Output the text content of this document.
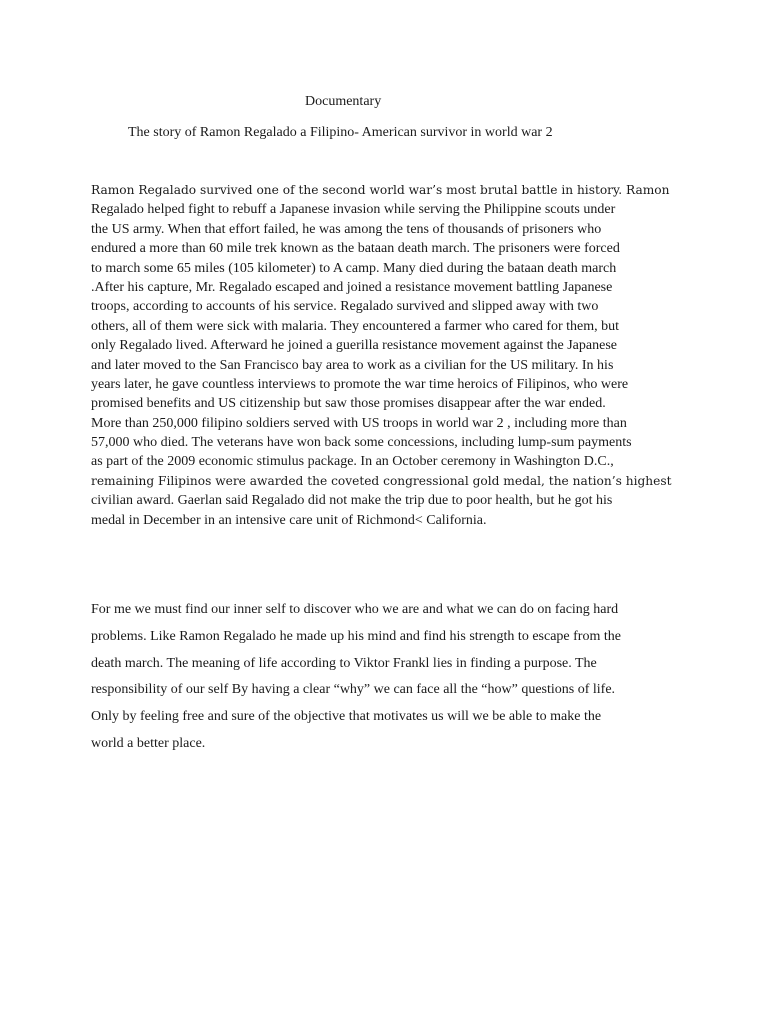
Documentary
The story of Ramon Regalado a Filipino- American survivor in world war 2
Ramon Regalado survived one of the second world war’s most brutal battle in history. Ramon
Regalado helped fight to rebuff a Japanese invasion while serving the Philippine scouts under
the US army. When that effort failed, he was among the tens of thousands of prisoners who
endured a more than 60 mile trek known as the bataan death march. The prisoners were forced
to march some 65 miles (105 kilometer) to A camp. Many died during the bataan death march
.After his capture, Mr. Regalado escaped and joined a resistance movement battling Japanese
troops, according to accounts of his service. Regalado survived and slipped away with two
others, all of them were sick with malaria. They encountered a farmer who cared for them, but
only Regalado lived. Afterward he joined a guerilla resistance movement against the Japanese
and later moved to the San Francisco bay area to work as a civilian for the US military. In his
years later, he gave countless interviews to promote the war time heroics of Filipinos, who were
promised benefits and US citizenship but saw those promises disappear after the war ended.
More than 250,000 filipino soldiers served with US troops in world war 2 , including more than
57,000 who died. The veterans have won back some concessions, including lump-sum payments
as part of the 2009 economic stimulus package. In an October ceremony in Washington D.C.,
remaining Filipinos were awarded the coveted congressional gold medal, the nation’s highest
civilian award. Gaerlan said Regalado did not make the trip due to poor health, but he got his
medal in December in an intensive care unit of Richmond< California.
For me we must find our inner self to discover who we are and what we can do on facing hard
problems. Like Ramon Regalado he made up his mind and find his strength to escape from the
death march. The meaning of life according to Viktor Frankl lies in finding a purpose. The
responsibility of our self By having a clear “why” we can face all the “how” questions of life.
Only by feeling free and sure of the objective that motivates us will we be able to make the
world a better place.
